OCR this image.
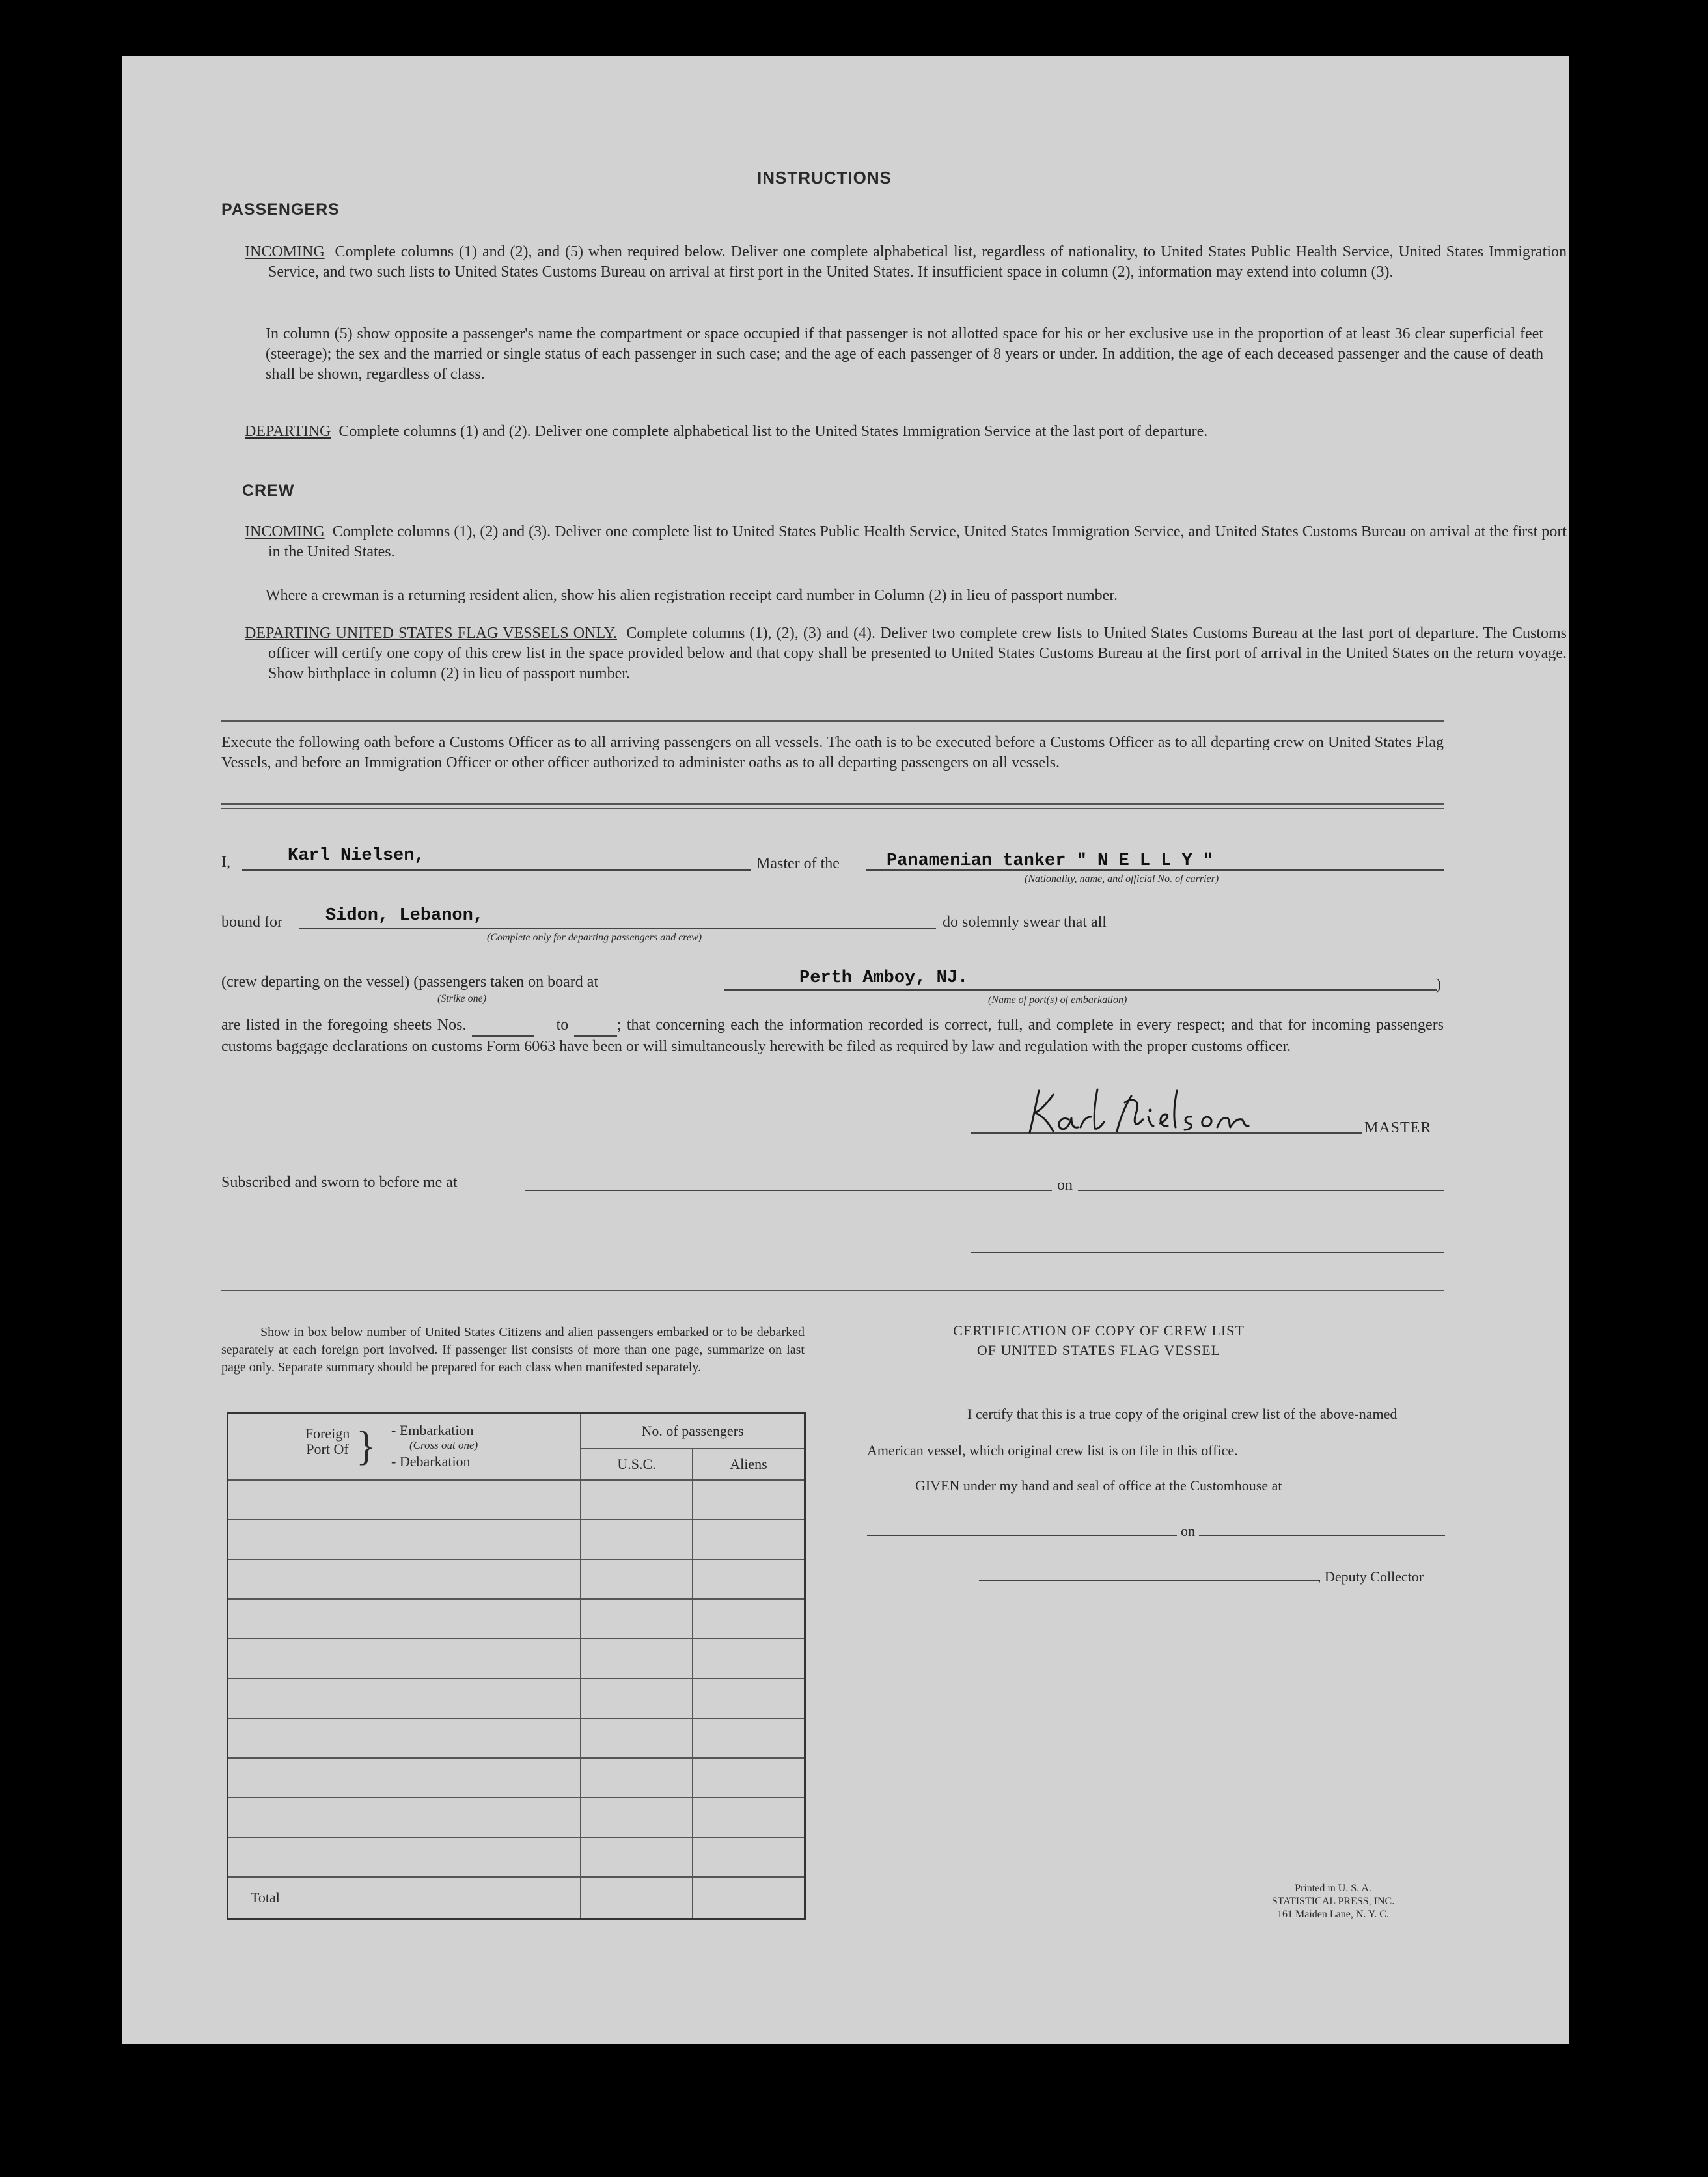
INSTRUCTIONS
PASSENGERS
INCOMING Complete columns (1) and (2), and (5) when required below. Deliver one complete alphabetical list, regardless of nationality, to United States Public Health Service, United States Immigration Service, and two such lists to United States Customs Bureau on arrival at first port in the United States. If insufficient space in column (2), information may extend into column (3).
In column (5) show opposite a passenger's name the compartment or space occupied if that passenger is not allotted space for his or her exclusive use in the proportion of at least 36 clear superficial feet (steerage); the sex and the married or single status of each passenger in such case; and the age of each passenger of 8 years or under. In addition, the age of each deceased passenger and the cause of death shall be shown, regardless of class.
DEPARTING Complete columns (1) and (2). Deliver one complete alphabetical list to the United States Immigration Service at the last port of departure.
CREW
INCOMING Complete columns (1), (2) and (3). Deliver one complete list to United States Public Health Service, United States Immigration Service, and United States Customs Bureau on arrival at the first port in the United States.
Where a crewman is a returning resident alien, show his alien registration receipt card number in Column (2) in lieu of passport number.
DEPARTING UNITED STATES FLAG VESSELS ONLY. Complete columns (1), (2), (3) and (4). Deliver two complete crew lists to United States Customs Bureau at the last port of departure. The Customs officer will certify one copy of this crew list in the space provided below and that copy shall be presented to United States Customs Bureau at the first port of arrival in the United States on the return voyage. Show birthplace in column (2) in lieu of passport number.
Execute the following oath before a Customs Officer as to all arriving passengers on all vessels. The oath is to be executed before a Customs Officer as to all departing crew on United States Flag Vessels, and before an Immigration Officer or other officer authorized to administer oaths as to all departing passengers on all vessels.
I,	Karl Nielsen,	Master of the	Panamenian tanker " N E L L Y "
(Nationality, name, and official No. of carrier)
bound for Sidon, Lebanon,
(Complete only for departing passengers and crew)
do solemnly swear that all
(crew departing on the vessel) (passengers taken on board at
(Strike one)
Perth Amboy, NJ.
(Name of port(s) of embarkation)
)
are listed in the foregoing sheets Nos.	to	; that concerning each the information recorded is correct, full, and complete in every respect; and that for incoming passengers customs baggage declarations on customs Form 6063 have been or will simultaneously herewith be filed as required by law and regulation with the proper customs officer.
MASTER
Subscribed and sworn to before me at	on
Show in box below number of United States Citizens and alien passengers embarked or to be debarked separately at each foreign port involved. If passenger list consists of more than one page, summarize on last page only. Separate summary should be prepared for each class when manifested separately.
Foreign Port Of } - Embarkation
(Cross out one)
- Debarkation	No. of passengers	
	U.S.C.	Aliens

Total		
CERTIFICATION OF COPY OF CREW LIST
OF UNITED STATES FLAG VESSEL
I certify that this is a true copy of the original crew list of the above-named
American vessel, which original crew list is on file in this office.
GIVEN under my hand and seal of office at the Customhouse at
on
, Deputy Collector
Printed in U. S. A.
STATISTICAL PRESS, INC.
161 Maiden Lane, N. Y. C.
